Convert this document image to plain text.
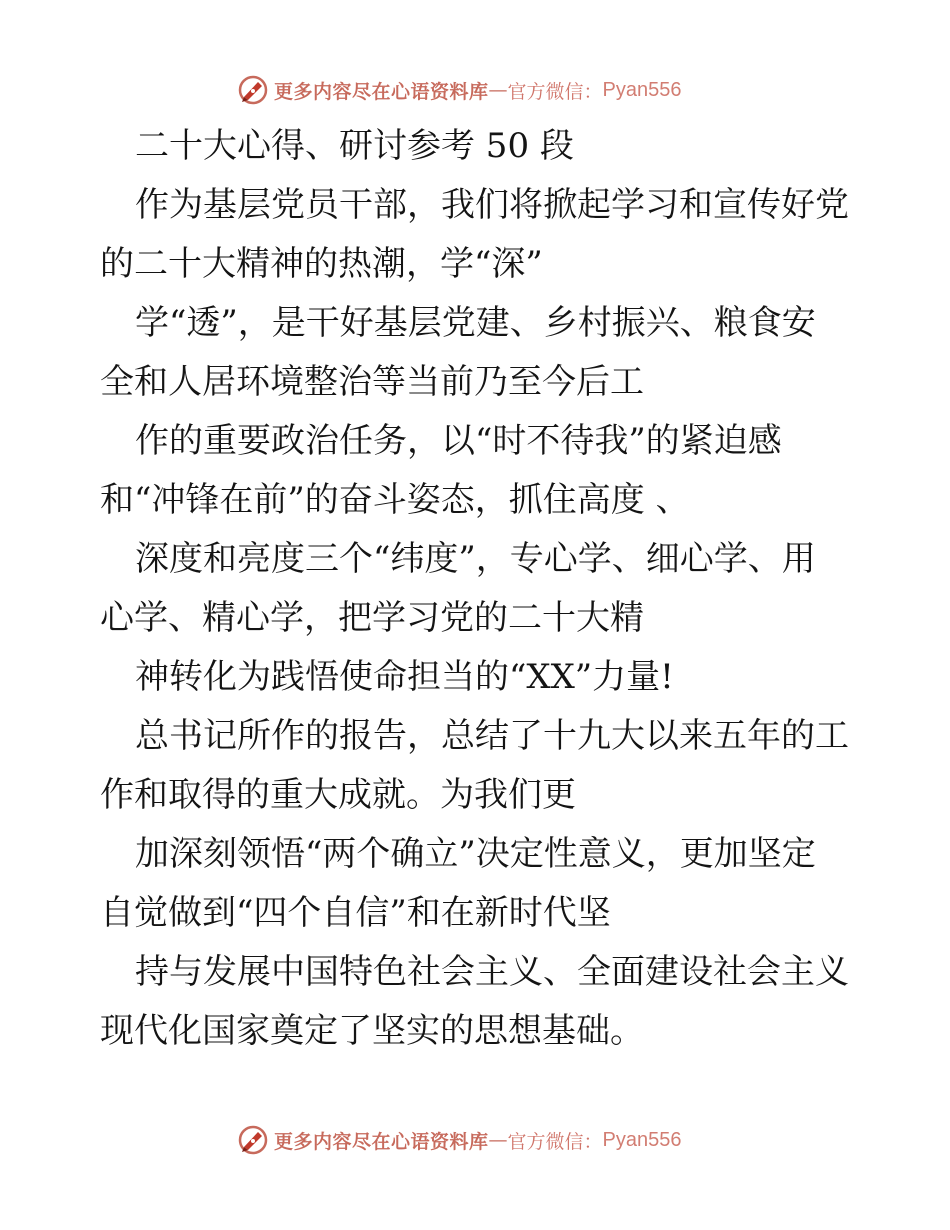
更多内容尽在心语资料库 — 官方微信： Pyan556
二十大心得、研讨参考 50 段
作为基层党员干部，我们将掀起学习和宣传好党
的二十大精神的热潮，学“深”
学“透”，是干好基层党建、乡村振兴、粮食安
全和人居环境整治等当前乃至今后工
作的重要政治任务，以“时不待我”的紧迫感
和“冲锋在前”的奋斗姿态，抓住高度 、
深度和亮度三个“纬度”，专心学、细心学、用
心学、精心学，把学习党的二十大精
神转化为践悟使命担当的“XX”力量!
总书记所作的报告，总结了十九大以来五年的工
作和取得的重大成就。为我们更
加深刻领悟“两个确立”决定性意义，更加坚定
自觉做到“四个自信”和在新时代坚
持与发展中国特色社会主义、全面建设社会主义
现代化国家奠定了坚实的思想基础。
更多内容尽在心语资料库 — 官方微信： Pyan556
